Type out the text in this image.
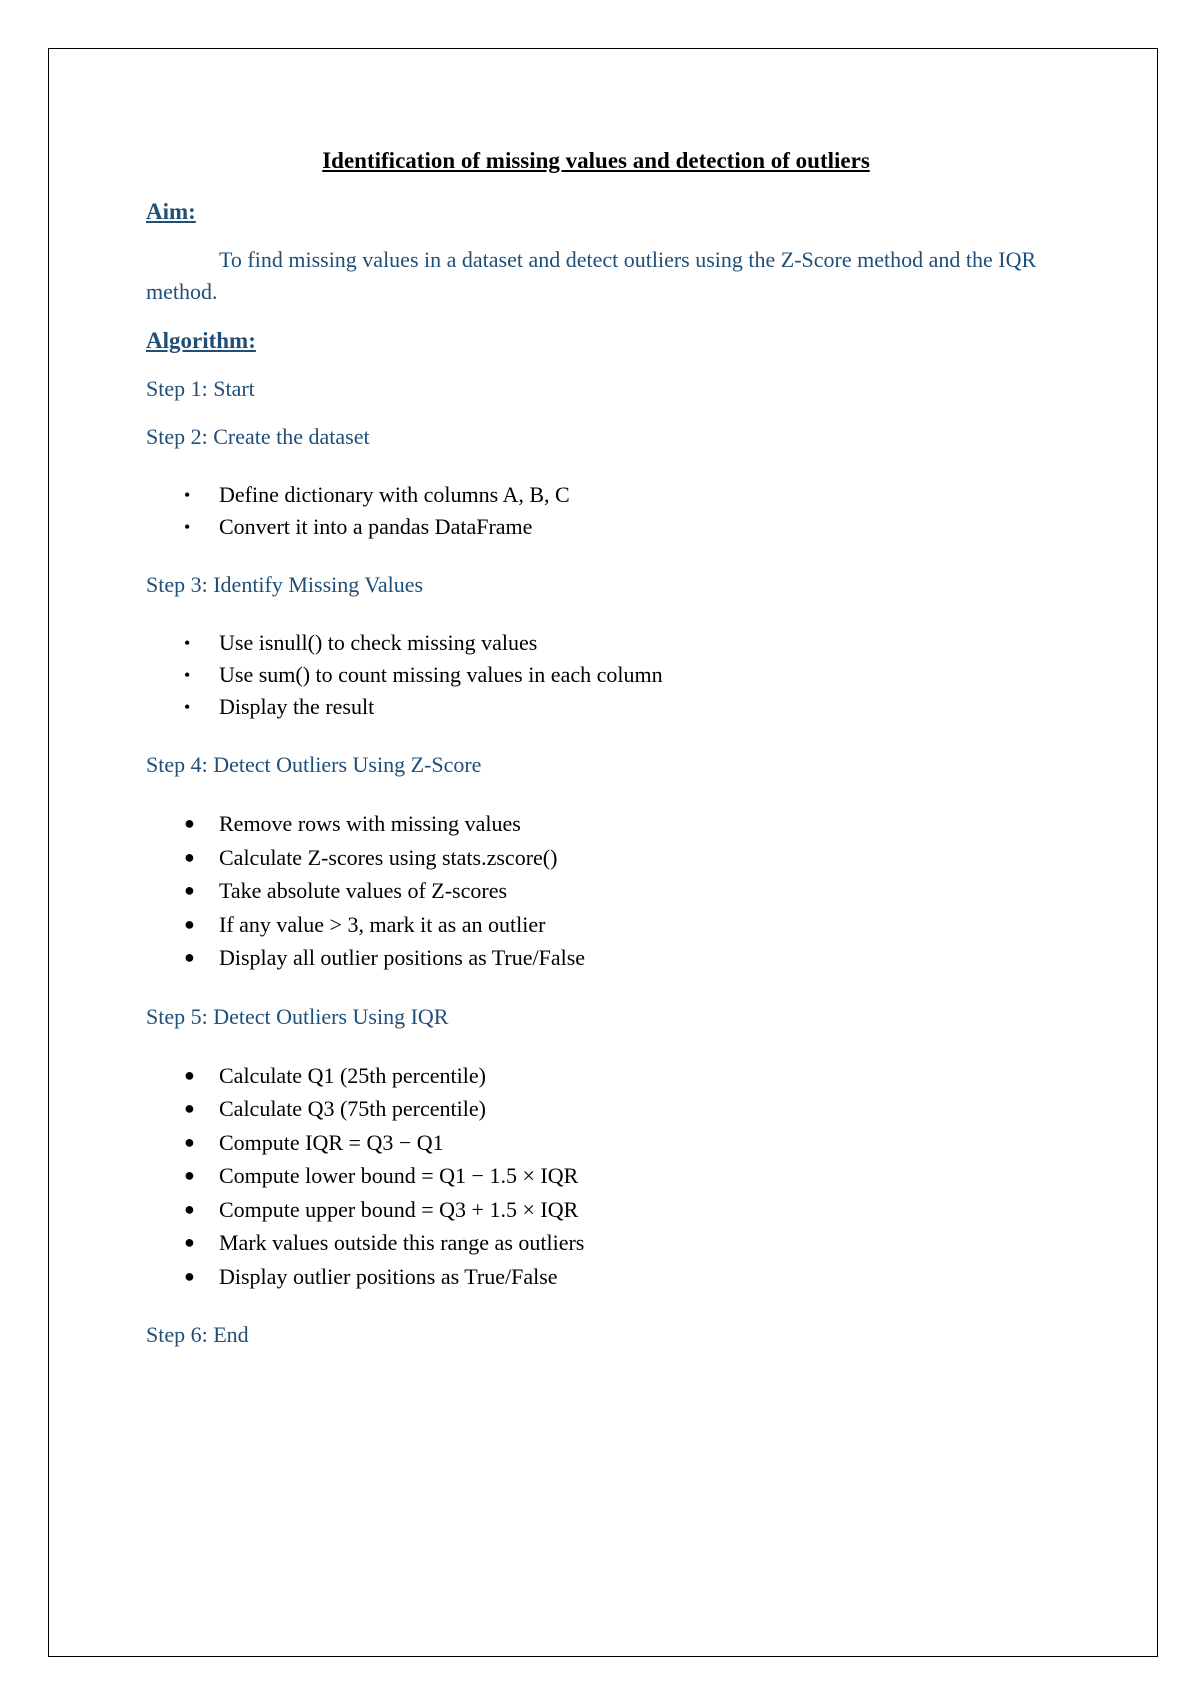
Identification of missing values and detection of outliers
Aim:

To find missing values in a dataset and detect outliers using the Z-Score method and the IQR method.

Algorithm:

Step 1: Start

Step 2: Create the dataset

• Define dictionary with columns A, B, C
• Convert it into a pandas DataFrame

Step 3: Identify Missing Values

• Use isnull() to check missing values
• Use sum() to count missing values in each column
• Display the result

Step 4: Detect Outliers Using Z-Score

● Remove rows with missing values
● Calculate Z-scores using stats.zscore()
● Take absolute values of Z-scores
● If any value > 3, mark it as an outlier
● Display all outlier positions as True/False

Step 5: Detect Outliers Using IQR

● Calculate Q1 (25th percentile)
● Calculate Q3 (75th percentile)
● Compute IQR = Q3 − Q1
● Compute lower bound = Q1 − 1.5 × IQR
● Compute upper bound = Q3 + 1.5 × IQR
● Mark values outside this range as outliers
● Display outlier positions as True/False

Step 6: End
